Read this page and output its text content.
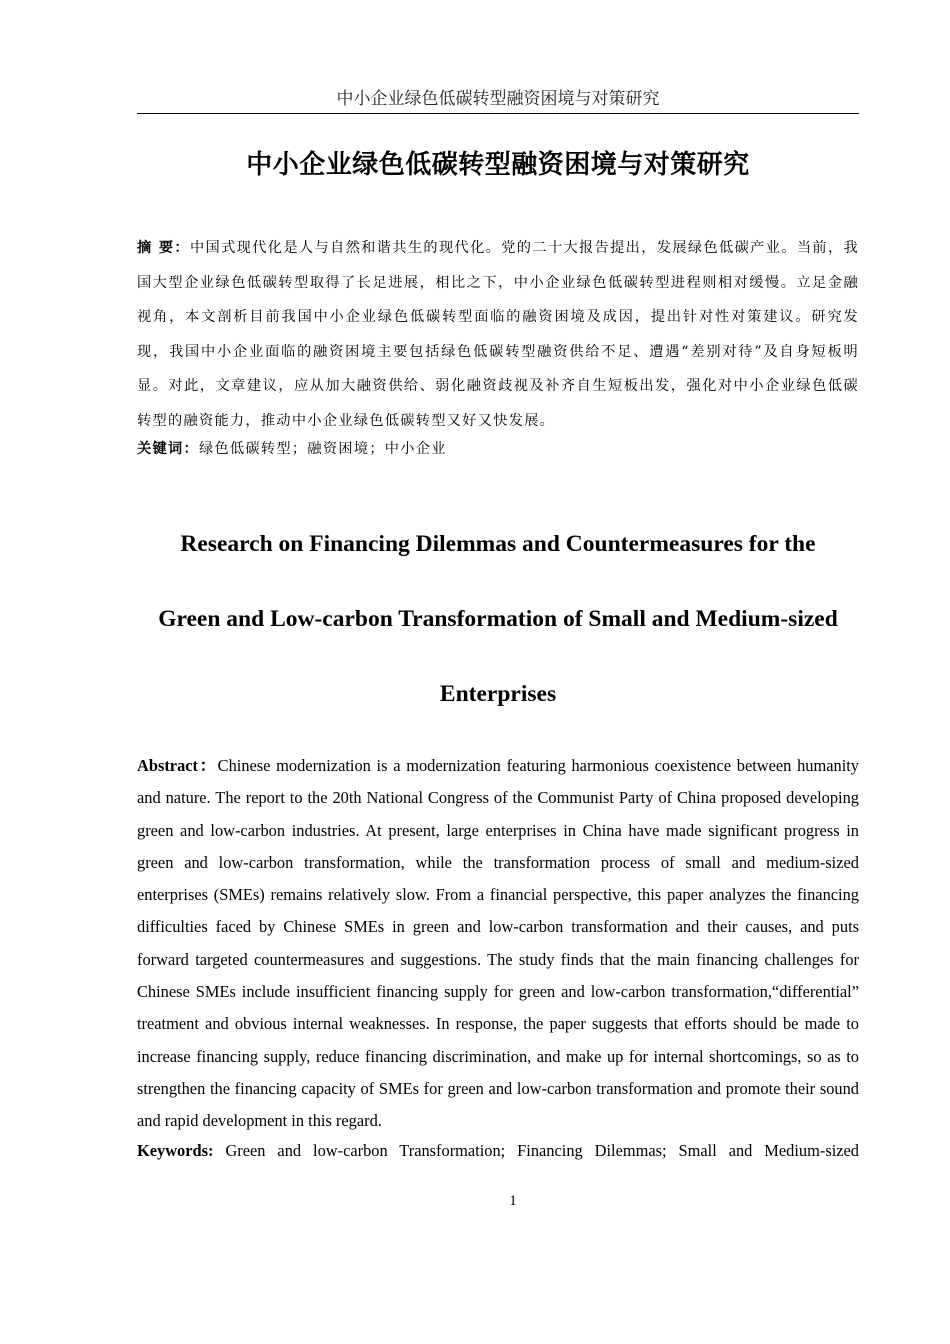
中小企业绿色低碳转型融资困境与对策研究
中小企业绿色低碳转型融资困境与对策研究
摘 要：中国式现代化是人与自然和谐共生的现代化。党的二十大报告提出，发展绿色低碳产业。当前，我国大型企业绿色低碳转型取得了长足进展，相比之下，中小企业绿色低碳转型进程则相对缓慢。立足金融视角，本文剖析目前我国中小企业绿色低碳转型面临的融资困境及成因，提出针对性对策建议。研究发现，我国中小企业面临的融资困境主要包括绿色低碳转型融资供给不足、遭遇“差别对待”及自身短板明显。对此，文章建议，应从加大融资供给、弱化融资歧视及补齐自生短板出发，强化对中小企业绿色低碳转型的融资能力，推动中小企业绿色低碳转型又好又快发展。
关键词：绿色低碳转型；融资困境；中小企业
Research on Financing Dilemmas and Countermeasures for the
Green and Low-carbon Transformation of Small and Medium-sized
Enterprises
Abstract：Chinese modernization is a modernization featuring harmonious coexistence between humanity and nature. The report to the 20th National Congress of the Communist Party of China proposed developing green and low-carbon industries. At present, large enterprises in China have made significant progress in green and low-carbon transformation, while the transformation process of small and medium-sized enterprises (SMEs) remains relatively slow. From a financial perspective, this paper analyzes the financing difficulties faced by Chinese SMEs in green and low-carbon transformation and their causes, and puts forward targeted countermeasures and suggestions. The study finds that the main financing challenges for Chinese SMEs include insufficient financing supply for green and low-carbon transformation,“differential” treatment and obvious internal weaknesses. In response, the paper suggests that efforts should be made to increase financing supply, reduce financing discrimination, and make up for internal shortcomings, so as to strengthen the financing capacity of SMEs for green and low-carbon transformation and promote their sound and rapid development in this regard.
Keywords: Green and low-carbon Transformation; Financing Dilemmas; Small and Medium-sized
1
